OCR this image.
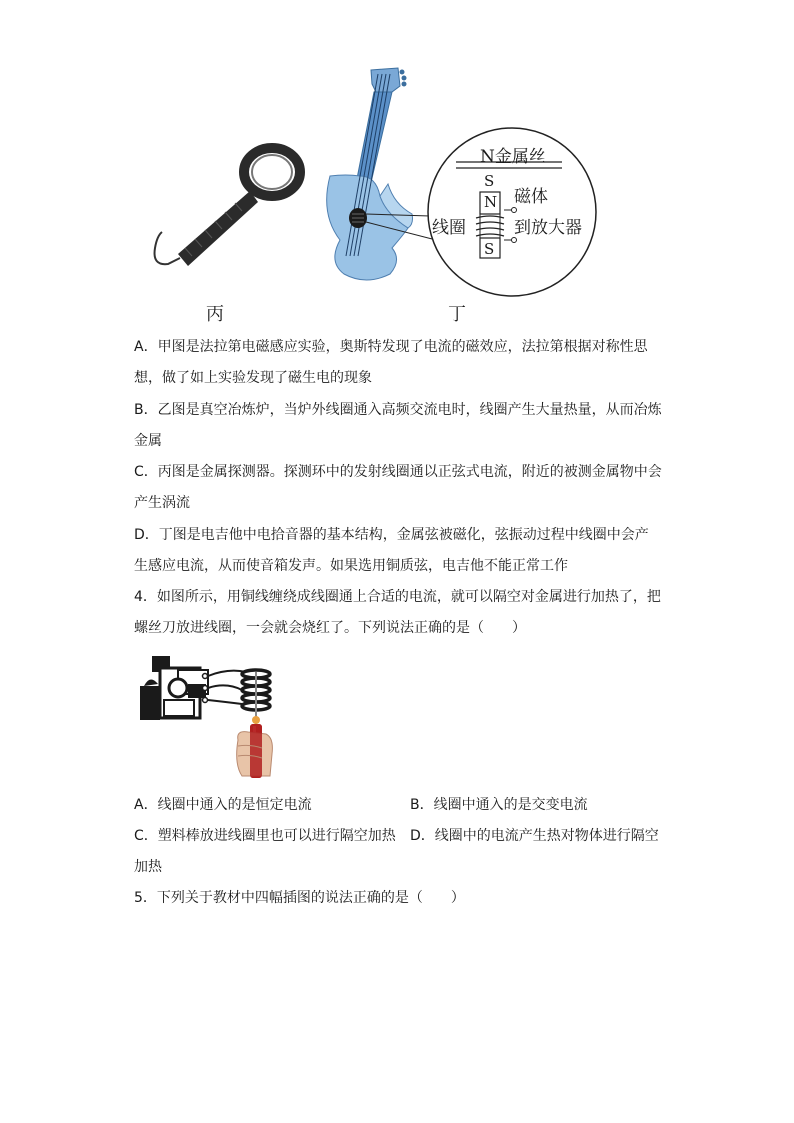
丙
N金属丝
S
磁体
N
线圈	到放大器
S
丁
A．甲图是法拉第电磁感应实验，奥斯特发现了电流的磁效应，法拉第根据对称性思
想，做了如上实验发现了磁生电的现象
B．乙图是真空冶炼炉，当炉外线圈通入高频交流电时，线圈产生大量热量，从而冶炼
金属
C．丙图是金属探测器。探测环中的发射线圈通以正弦式电流，附近的被测金属物中会
产生涡流
D．丁图是电吉他中电拾音器的基本结构，金属弦被磁化，弦振动过程中线圈中会产
生感应电流，从而使音箱发声。如果选用铜质弦，电吉他不能正常工作
4．如图所示，用铜线缠绕成线圈通上合适的电流，就可以隔空对金属进行加热了，把
螺丝刀放进线圈，一会就会烧红了。下列说法正确的是（　　）
A．线圈中通入的是恒定电流	B．线圈中通入的是交变电流
C．塑料棒放进线圈里也可以进行隔空加热 D．线圈中的电流产生热对物体进行隔空
加热
5．下列关于教材中四幅插图的说法正确的是（　　）
